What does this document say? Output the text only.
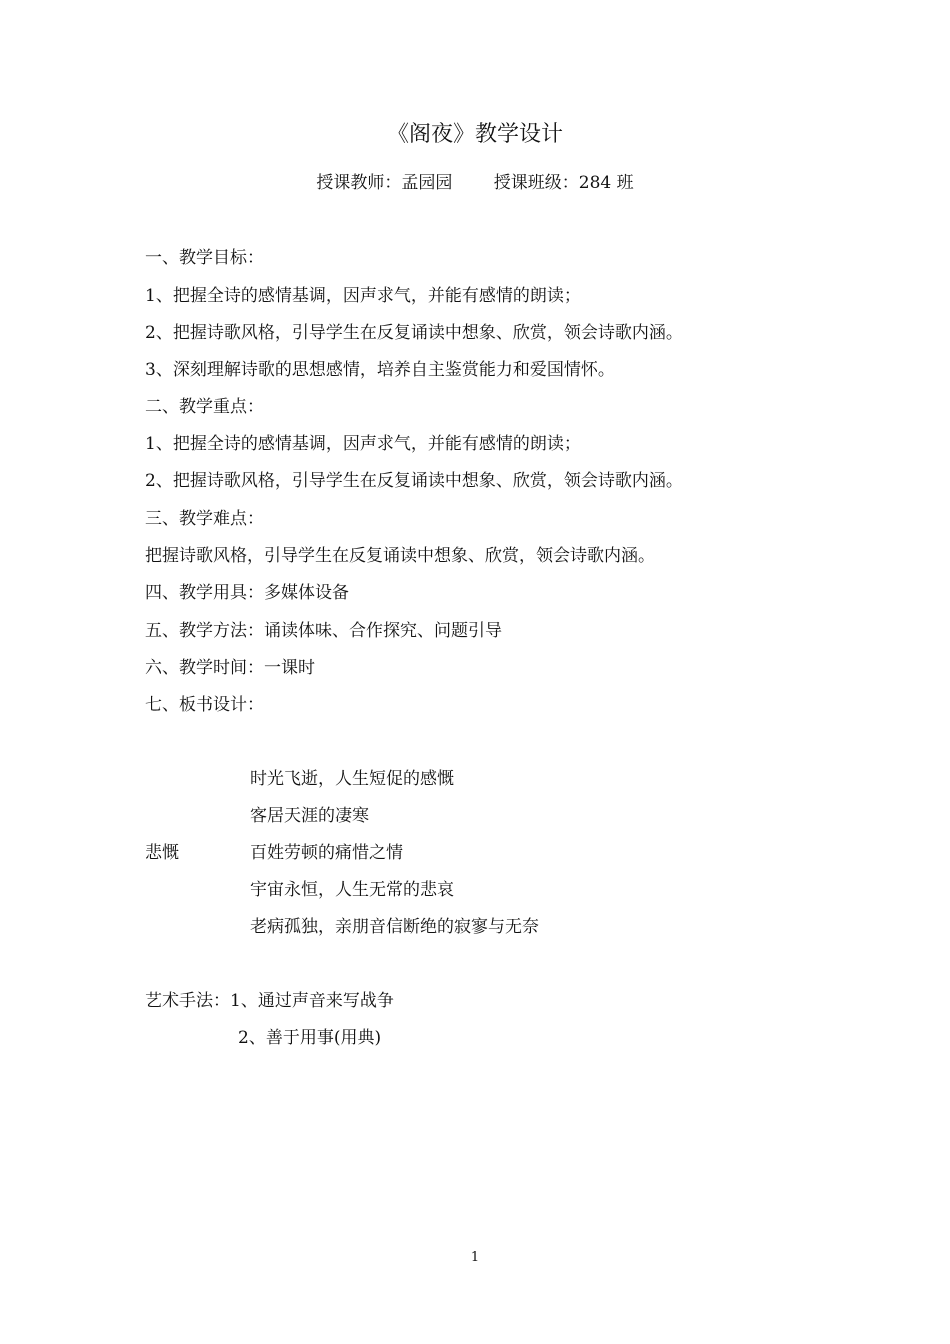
《阁夜》教学设计
授课教师：孟园园 授课班级：284 班
一、教学目标：
1、把握全诗的感情基调，因声求气，并能有感情的朗读；
2、把握诗歌风格，引导学生在反复诵读中想象、欣赏，领会诗歌内涵。
3、深刻理解诗歌的思想感情，培养自主鉴赏能力和爱国情怀。
二、教学重点：
1、把握全诗的感情基调，因声求气，并能有感情的朗读；
2、把握诗歌风格，引导学生在反复诵读中想象、欣赏，领会诗歌内涵。
三、教学难点：
把握诗歌风格，引导学生在反复诵读中想象、欣赏，领会诗歌内涵。
四、教学用具：多媒体设备
五、教学方法：诵读体味、合作探究、问题引导
六、教学时间：一课时
七、板书设计：
悲慨
时光飞逝，人生短促的感慨
客居天涯的凄寒
百姓劳顿的痛惜之情
宇宙永恒，人生无常的悲哀
老病孤独，亲朋音信断绝的寂寥与无奈
艺术手法： 1、通过声音来写战争
2、善于用事(用典)
1
